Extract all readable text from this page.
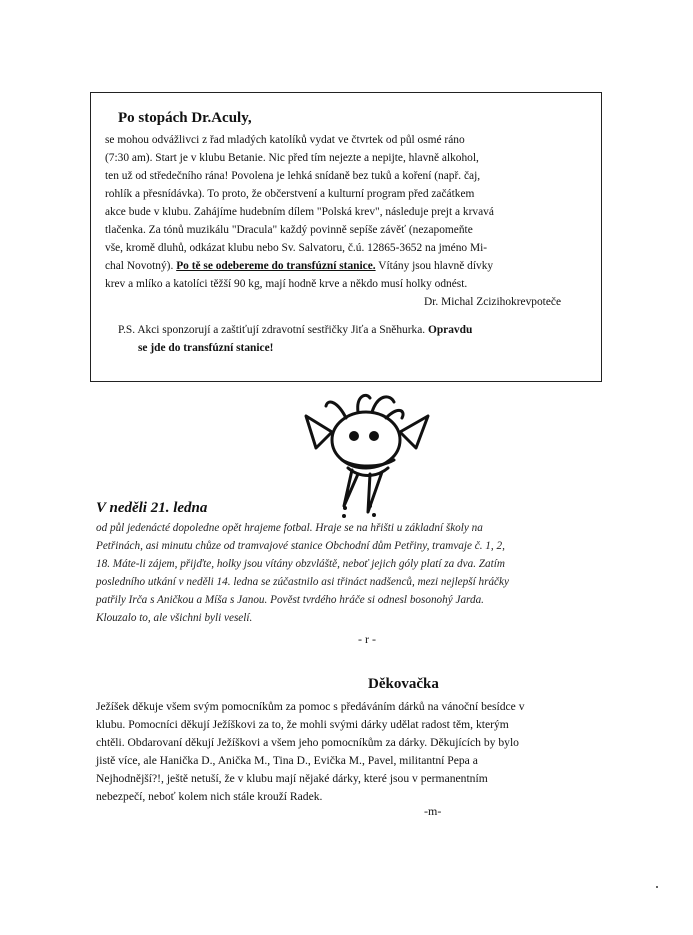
Po stopách Dr.Aculy,
se mohou odvážlivci z řad mladých katolíků vydat ve čtvrtek od půl osmé ráno
(7:30 am). Start je v klubu Betanie. Nic před tím nejezte a nepijte, hlavně alkohol,
ten už od středečního rána! Povolena je lehká snídaně bez tuků a koření (např. čaj,
rohlík a přesnídávka). To proto, že občerstvení a kulturní program před začátkem
akce bude v klubu. Zahájíme hudebním dílem "Polská krev", následuje prejt a krvavá
tlačenka. Za tónů muzikálu "Dracula" každý povinně sepíše závěť (nezapomeňte
vše, kromě dluhů, odkázat klubu nebo Sv. Salvatoru, č.ú. 12865-3652 na jméno Mi-
chal Novotný). Po tě se odebereme do transfúzní stanice. Vítány jsou hlavně dívky
krev a mlíko a katolíci těžší 90 kg, mají hodně krve a někdo musí holky odnést.
Dr. Michal Zcizihokrevpoteče
P.S. Akci sponzorují a zaštiťují zdravotní sestřičky Jiťa a Sněhurka. Opravdu
se jde do transfúzní stanice!
V neděli 21. ledna
od půl jedenácté dopoledne opět hrajeme fotbal. Hraje se na hřišti u základní školy na
Petřinách, asi minutu chůze od tramvajové stanice Obchodní dům Petřiny, tramvaje č. 1, 2,
18. Máte-li zájem, přijďte, holky jsou vítány obzvláště, neboť jejich góly platí za dva. Zatím
posledního utkání v neděli 14. ledna se zúčastnilo asi třináct nadšenců, mezi nejlepší hráčky
patřily Irča s Aničkou a Míša s Janou. Pověst tvrdého hráče si odnesl bosonohý Jarda.
Klouzalo to, ale všichni byli veselí.
- r -
Děkovačka
Ježíšek děkuje všem svým pomocníkům za pomoc s předáváním dárků na vánoční besídce v
klubu. Pomocníci děkují Ježíškovi za to, že mohli svými dárky udělat radost těm, kterým
chtěli. Obdarovaní děkují Ježíškovi a všem jeho pomocníkům za dárky. Děkujících by bylo
jistě více, ale Hanička D., Anička M., Tina D., Evička M., Pavel, militantní Pepa a
Nejhodnější?!, ještě netuší, že v klubu mají nějaké dárky, které jsou v permanentním
nebezpečí, neboť kolem nich stále krouží Radek.
-m-
